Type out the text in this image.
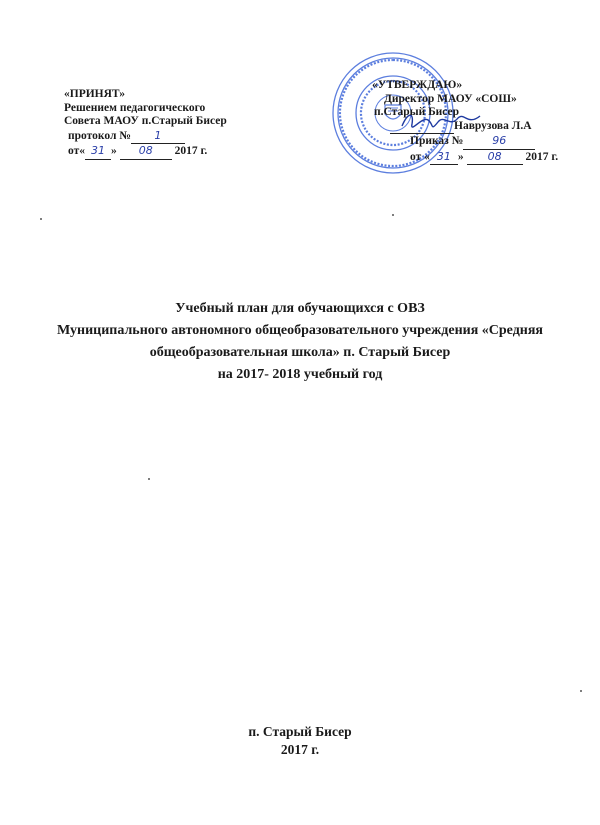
«ПРИНЯТ»
Решением педагогического
Совета МАОУ п.Старый Бисер
протокол № 1
от« 31 » 08 2017 г.
«УТВЕРЖДАЮ»
Директор МАОУ «СОШ»
п.Старый Бисер
Наврузова Л.А
Приказ №	96
от « 31 » 08 2017 г.
Учебный план для обучающихся с ОВЗ
Муниципального автономного общеобразовательного учреждения «Средняя
общеобразовательная школа» п. Старый Бисер
на 2017- 2018 учебный год
п. Старый Бисер
2017 г.
